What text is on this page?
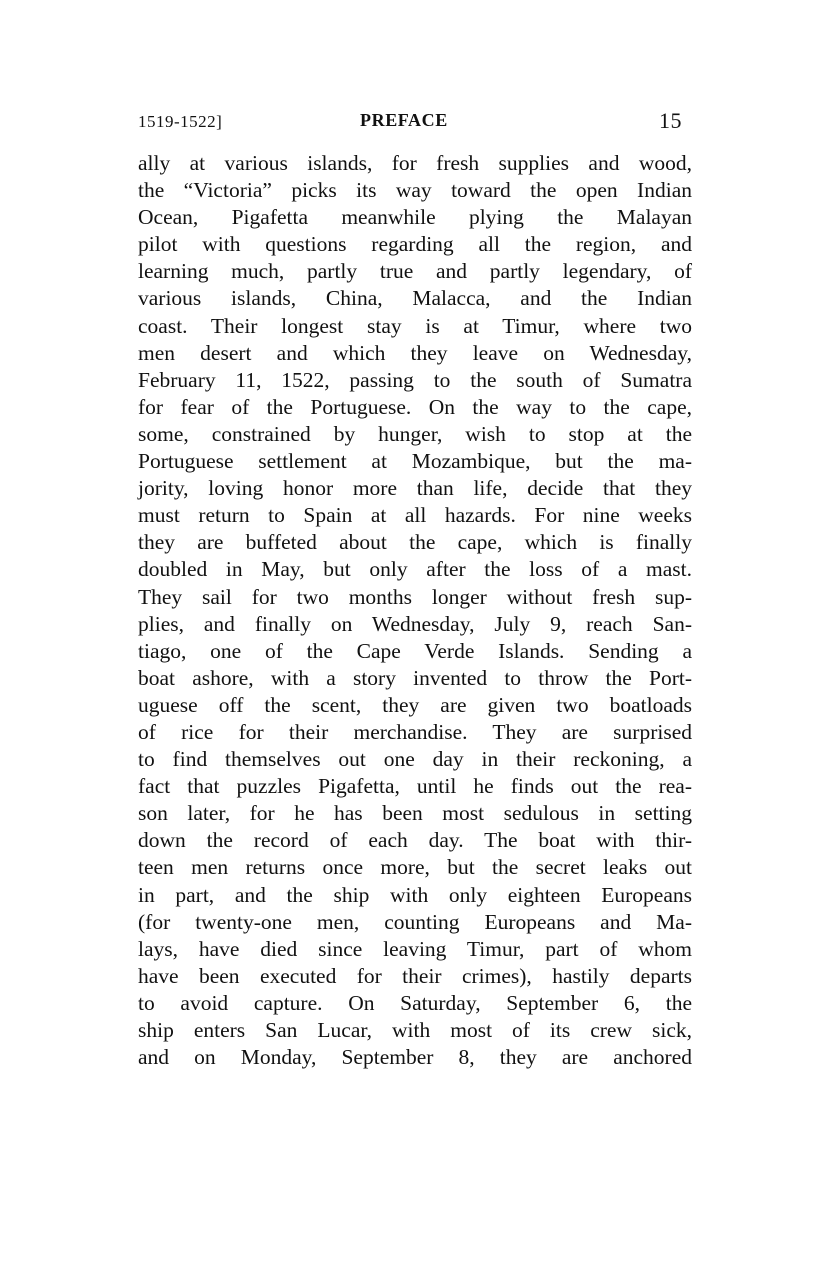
1519-1522]	PREFACE	15
ally at various islands, for fresh supplies and wood,
the “Victoria” picks its way toward the open Indian
Ocean, Pigafetta meanwhile plying the Malayan
pilot with questions regarding all the region, and
learning much, partly true and partly legendary, of
various islands, China, Malacca, and the Indian
coast. Their longest stay is at Timur, where two
men desert and which they leave on Wednesday,
February 11, 1522, passing to the south of Sumatra
for fear of the Portuguese. On the way to the cape,
some, constrained by hunger, wish to stop at the
Portuguese settlement at Mozambique, but the ma-
jority, loving honor more than life, decide that they
must return to Spain at all hazards. For nine weeks
they are buffeted about the cape, which is finally
doubled in May, but only after the loss of a mast.
They sail for two months longer without fresh sup-
plies, and finally on Wednesday, July 9, reach San-
tiago, one of the Cape Verde Islands. Sending a
boat ashore, with a story invented to throw the Port-
uguese off the scent, they are given two boatloads
of rice for their merchandise. They are surprised
to find themselves out one day in their reckoning, a
fact that puzzles Pigafetta, until he finds out the rea-
son later, for he has been most sedulous in setting
down the record of each day. The boat with thir-
teen men returns once more, but the secret leaks out
in part, and the ship with only eighteen Europeans
(for twenty-one men, counting Europeans and Ma-
lays, have died since leaving Timur, part of whom
have been executed for their crimes), hastily departs
to avoid capture. On Saturday, September 6, the
ship enters San Lucar, with most of its crew sick,
and on Monday, September 8, they are anchored
